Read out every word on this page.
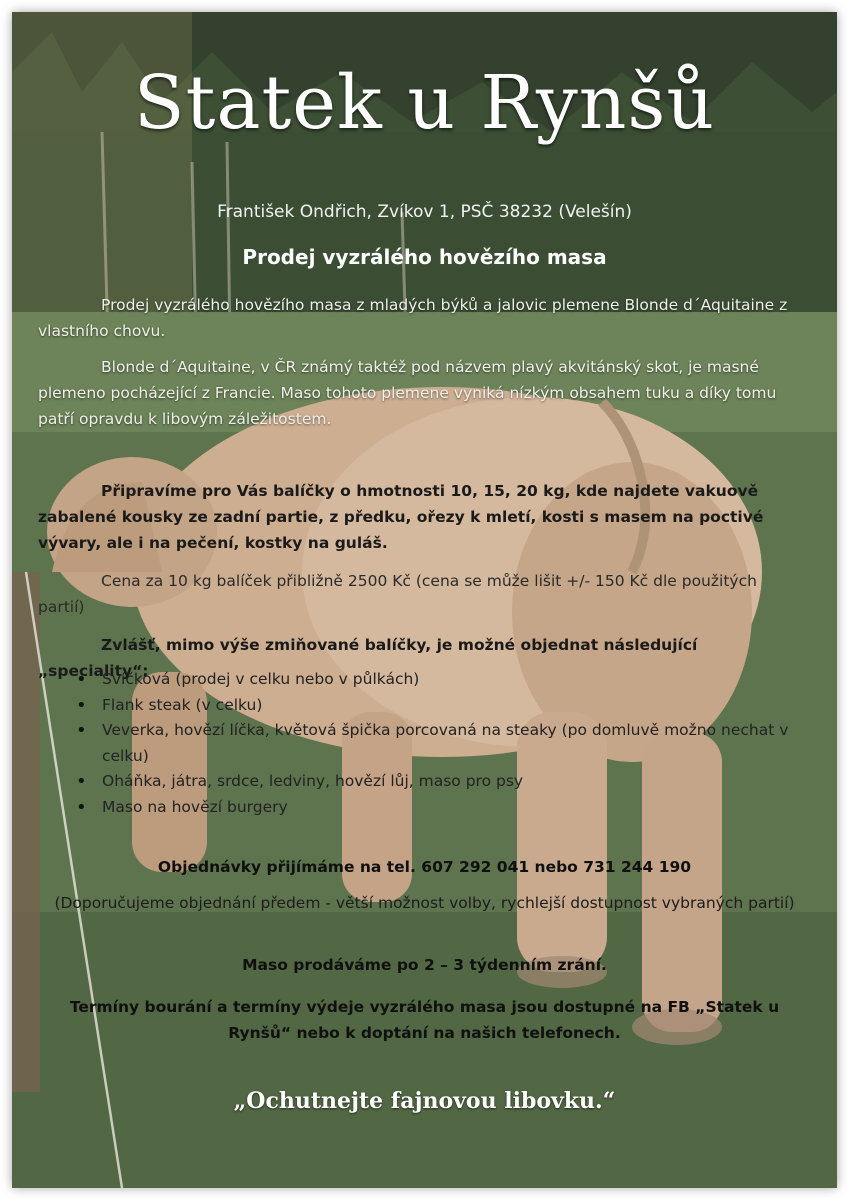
Statek u Rynšů
František Ondřich, Zvíkov 1, PSČ 38232 (Velešín)
Prodej vyzrálého hovězího masa
Prodej vyzrálého hovězího masa z mladých býků a jalovic plemene Blonde d´Aquitaine z vlastního chovu.
Blonde d´Aquitaine, v ČR známý taktéž pod názvem plavý akvitánský skot, je masné plemeno pocházející z Francie. Maso tohoto plemene vyniká nízkým obsahem tuku a díky tomu patří opravdu k libovým záležitostem.
Připravíme pro Vás balíčky o hmotnosti 10, 15, 20 kg, kde najdete vakuově zabalené kousky ze zadní partie, z předku, ořezy k mletí, kosti s masem na poctivé vývary, ale i na pečení, kostky na guláš.
Cena za 10 kg balíček přibližně 2500 Kč (cena se může lišit +/- 150 Kč dle použitých partií)
Zvlášť, mimo výše zmiňované balíčky, je možné objednat následující „speciality“:
• Svíčková (prodej v celku nebo v půlkách)
• Flank steak (v celku)
• Veverka, hovězí líčka, květová špička porcovaná na steaky (po domluvě možno nechat v celku)
• Oháňka, játra, srdce, ledviny, hovězí lůj, maso pro psy
• Maso na hovězí burgery
Objednávky přijímáme na tel. 607 292 041 nebo 731 244 190
(Doporučujeme objednání předem - větší možnost volby, rychlejší dostupnost vybraných partií)
Maso prodáváme po 2 – 3 týdenním zrání.
Termíny bourání a termíny výdeje vyzrálého masa jsou dostupné na FB „Statek u Rynšů“ nebo k doptání na našich telefonech.
„Ochutnejte fajnovou libovku.“
